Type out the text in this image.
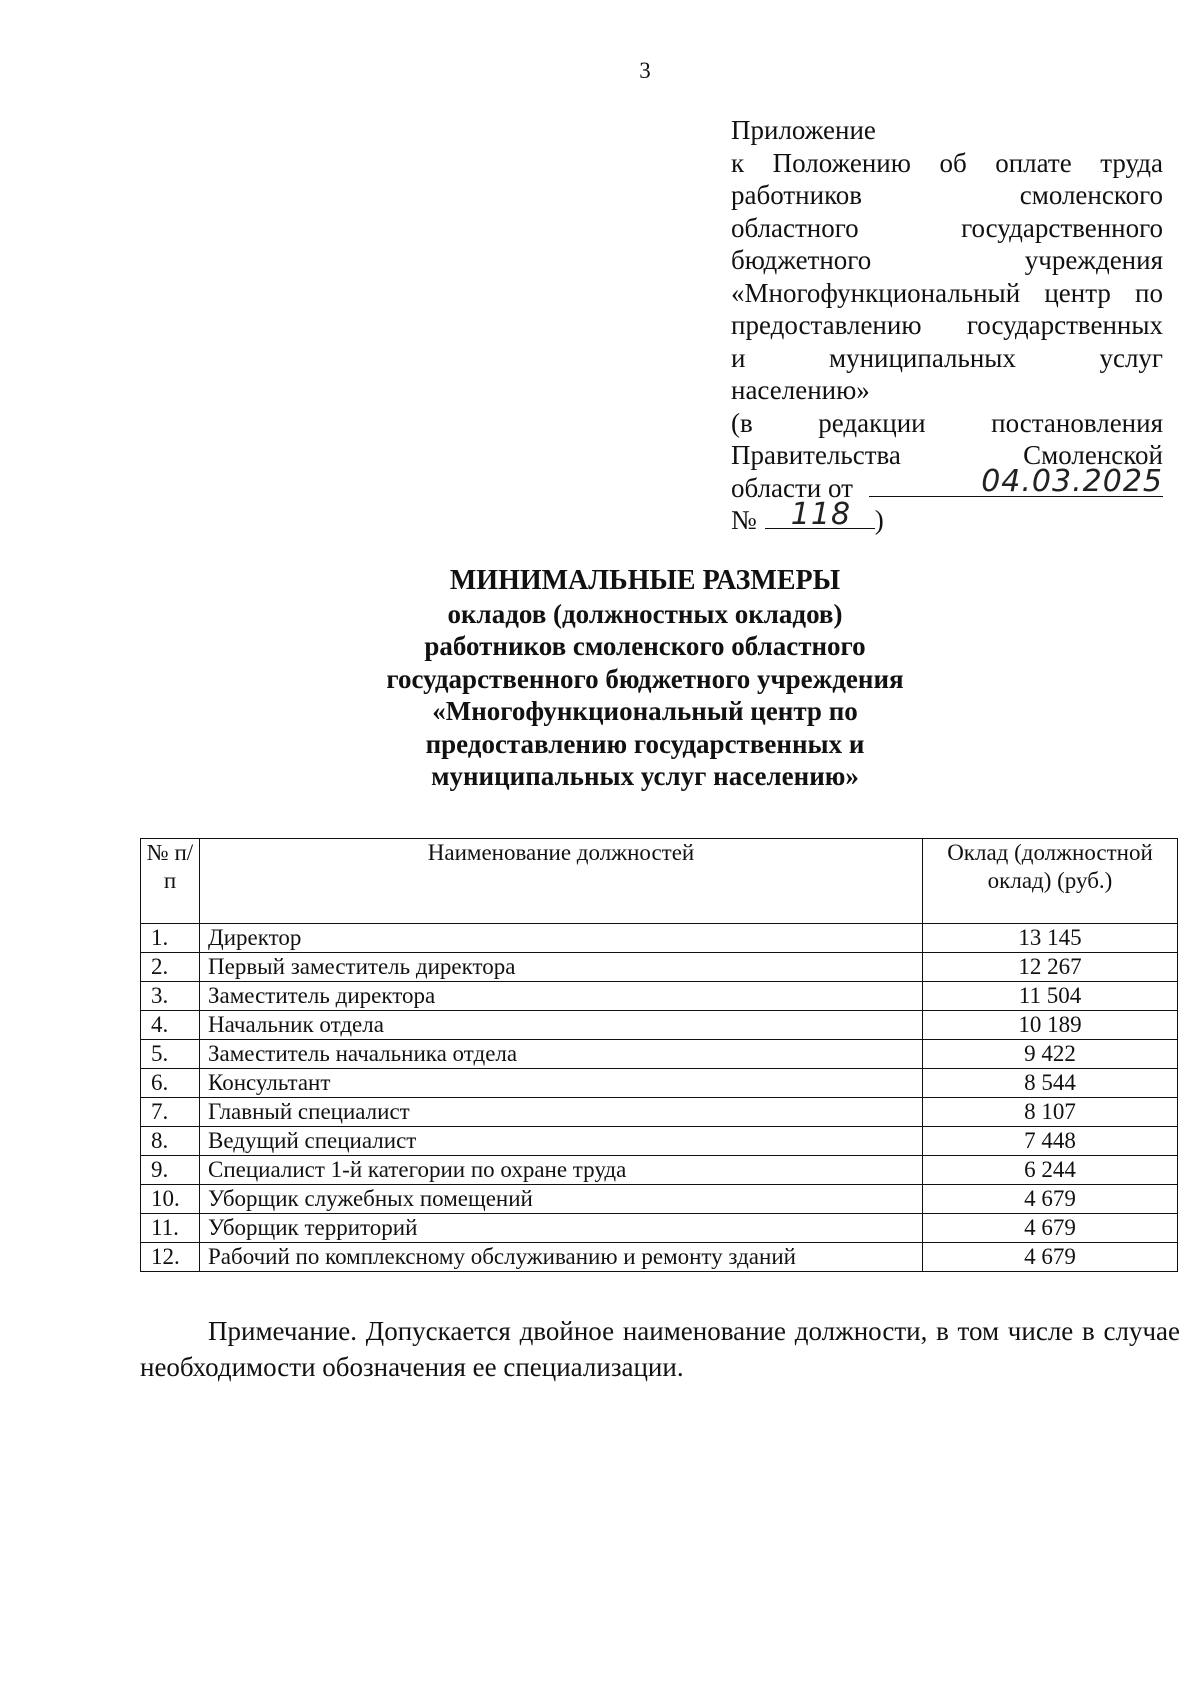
3
Приложение
к Положению об оплате труда
работников смоленского
областного государственного
бюджетного учреждения
«Многофункциональный центр по
предоставлению государственных
и муниципальных услуг
населению»
(в редакции постановления
Правительства Смоленской
области от	04.03.2025
№ 118 )
МИНИМАЛЬНЫЕ РАЗМЕРЫ
окладов (должностных окладов)
работников смоленского областного
государственного бюджетного учреждения
«Многофункциональный центр по
предоставлению государственных и
муниципальных услуг населению»
№ п/п	Наименование должностей	Оклад (должностной оклад) (руб.)
1.	Директор	13 145
2.	Первый заместитель директора	12 267
3.	Заместитель директора	11 504
4.	Начальник отдела	10 189
5.	Заместитель начальника отдела	9 422
6.	Консультант	8 544
7.	Главный специалист	8 107
8.	Ведущий специалист	7 448
9.	Специалист 1-й категории по охране труда	6 244
10.	Уборщик служебных помещений	4 679
11.	Уборщик территорий	4 679
12.	Рабочий по комплексному обслуживанию и ремонту зданий	4 679
Примечание. Допускается двойное наименование должности, в том числе в случае необходимости обозначения ее специализации.
